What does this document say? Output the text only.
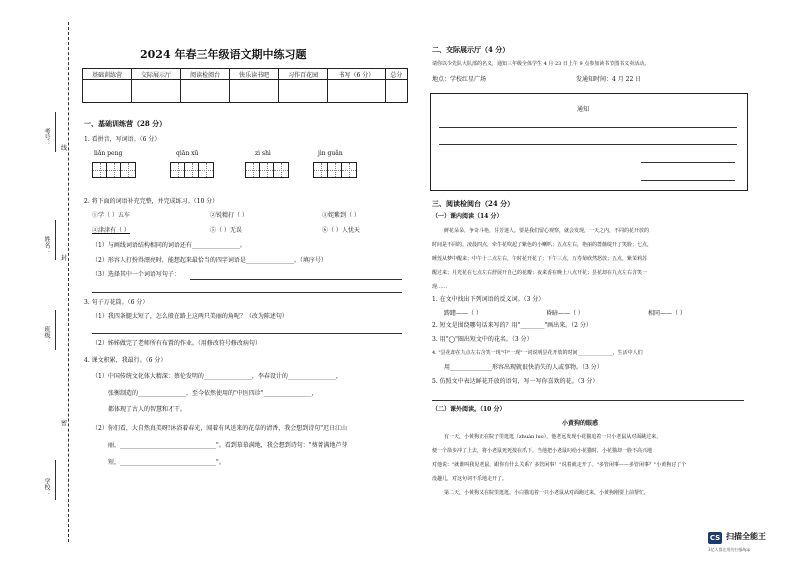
考号：
姓名：
班级：
学校：
线
封
密
2024 年春三年级语文期中练习题
基础训练营	交际展示厅	阅读检阅台	快乐读书吧	习作百花园	书写（6 分）	总分

一、基础训练营（28 分）
1. 看拼音，写词语。（6 分）
liǎn peng	qiān xū	zì shì	jìn guǎn
2. 将下面的词语补充完整，并完成练习。（10 分）
①学（ ）五车	②锐精打（ ）	③姹紫到（ ）
④津津有（ ）	⑤（ ）无误	⑥（ ）人忧天
（1）与画线词语结构相同的词语还有________________。
（2）形容人打扮得漂亮时，能想起来最恰当的四字词语是________________。（填序号）
（3）选择其中一个词语写句子：
3. 句子万花筒。（6 分）
（1）我四条腿太短了，怎么般在路上这两只美丽的角呢？（改为陈述句）
（2）姊姊做完了老师所有布置的作业。（用修改符号修改病句）
4. 课文积累，我最行。（6 分）
（1）中国传统文化体大精深：蔡伦发明的________________，李春设计的________________，
张衡制造的________________，至今依然使用的"中医四诊"________________，
都体现了古人的智慧和才干。
（2）你们看，大自然真美呀!沐浴着春光，闻着有风送来的花草的清香，我会想到诗句"迟日江山
丽，________________________________"。看到慕慕满地，我会想到诗句："葵菁满地芦芽
短，________________________________"。
二、交际展示厅（4 分）
请你以少先队大队部的名义，通知三年级全体学生 4 月 23 日上午 9 点参加读书节图书义卖活动。
地点：学校红星广场	发通知时间：4 月 22 日
通知
三、阅读检阅台（24 分）
（一）课内阅读（14 分）
鲜花朵朵，争奇斗艳，芬芳迷人。要是我们留心观察，就会发现，一天之内，不同的花开放的
时间是不同的。凌晨四点，牵牛花吹起了紫色的小喇叭；五点左右，艳丽的蔷薇绽开了笑脸；七点，
睡莲从梦中醒来；中午十二点左右，午时花开花了；下午三点，万寿菊欣然怒放；五点，紫茉莉苏
醒过来；月光花在七点左右舒展开自己的花瓣；夜来香在晚上八点开花；昙花却在九点左右含笑一
现……
1. 在文中找出下列词语的反义词。（3 分）
踌躇——（ ）	昏暗——（ ）	相同——（ ）
2. 短文是围绕哪句话来写的？用"________"画出来。（2 分）
3. 用"◯"圈出短文中的花名。（3 分）
4. "昙花却在九点左右含笑一现"中"一现"一词说明昙花开放的时间______________，生活中人们
用______________形容出现就很快消失的人或事物。（3 分）
5. 仿照文中表达鲜花开放的语句，写一写你喜欢的花。（3 分）
（二）课外阅读。（10 分）
小黄狗的眼惑
有一天，小黄狗正在院子里逛逛（zhuàn luo），他老远发现小花猫追着一只小老鼠从对面跳过来，
便一个箭步冲了上去，将小老鼠死死按在爪下。当他把小老鼠叼给小花猫时，小花猫却一脸不高兴地
对他说："就谁叫我见老鼠，跟你有什么关系？多管闲事！"说着就走开了。"多管闲事——多管闲事？"小黄狗讨了个
没趣儿，对这句词不乐地走开了。
第二天，小黄狗又在院里逛逛。小白猫追着一只小老鼠从对面跑过来，小黄狗刚要上前帮忙，
CS 扫描全能王
3亿人都在用的扫描App
